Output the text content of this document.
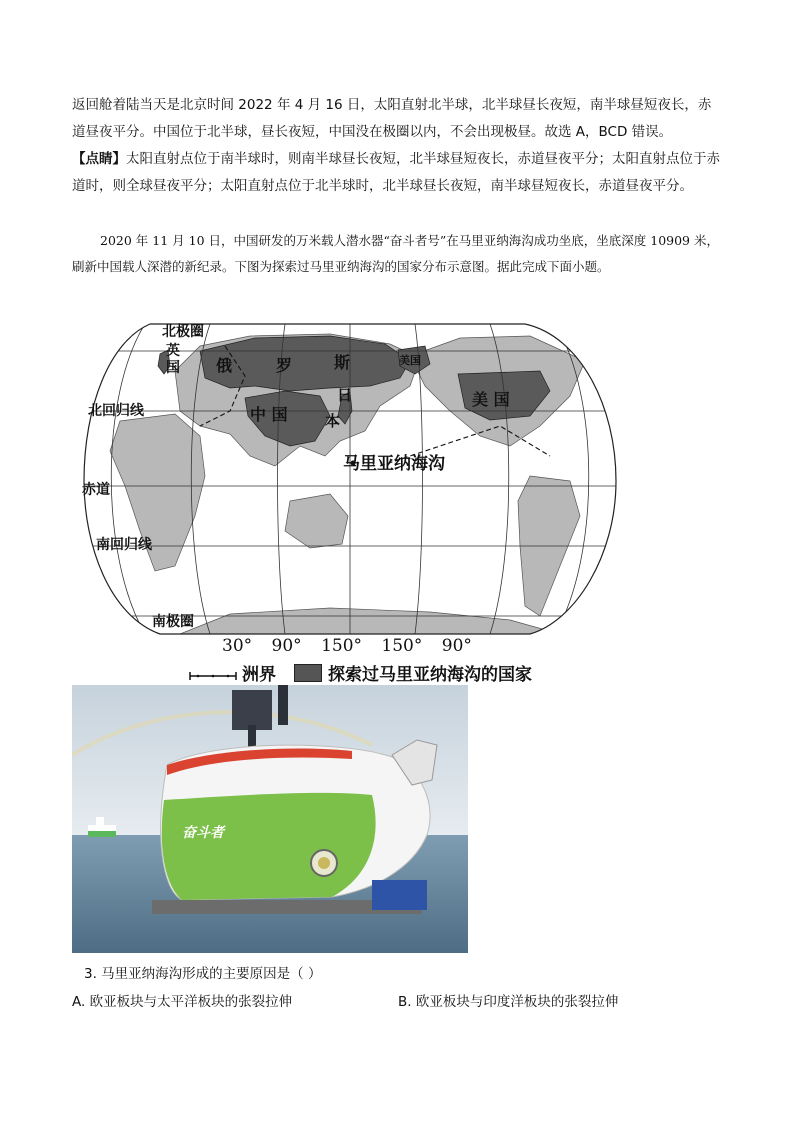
返回舱着陆当天是北京时间 2022 年 4 月 16 日，太阳直射北半球，北半球昼长夜短，南半球昼短夜长，赤道昼夜平分。中国位于北半球，昼长夜短，中国没在极圈以内，不会出现极昼。故选 A，BCD 错误。
【点睛】太阳直射点位于南半球时，则南半球昼长夜短，北半球昼短夜长，赤道昼夜平分；太阳直射点位于赤道时，则全球昼夜平分；太阳直射点位于北半球时，北半球昼长夜短，南半球昼短夜长，赤道昼夜平分。
2020 年 11 月 10 日，中国研发的万米载人潜水器“奋斗者号”在马里亚纳海沟成功坐底，坐底深度 10909 米，刷新中国载人深潜的新纪录。下图为探索过马里亚纳海沟的国家分布示意图。据此完成下面小题。
北极圈
英
国 俄	罗	斯	美国
日
本
中 国
美 国
北回归线
马里亚纳海沟
赤道
南回归线
南极圈
30° 90° 150° 150° 90°
洲界	探索过马里亚纳海沟的国家
奋斗者
3. 马里亚纳海沟形成的主要原因是（ ）
A. 欧亚板块与太平洋板块的张裂拉伸	B. 欧亚板块与印度洋板块的张裂拉伸
